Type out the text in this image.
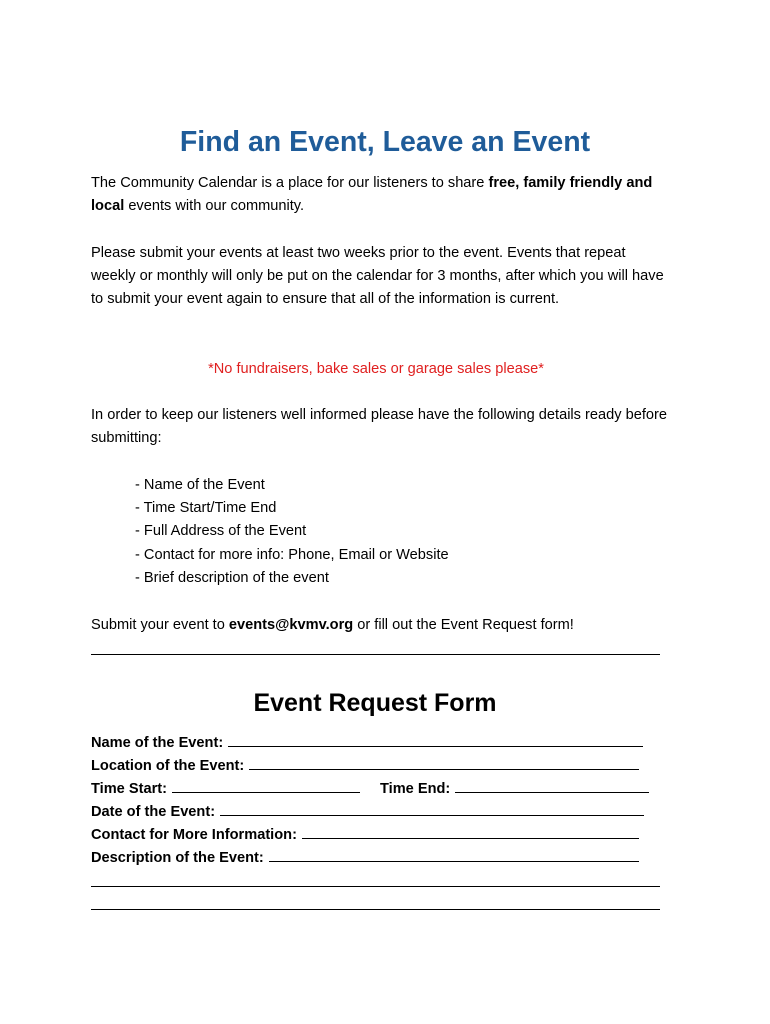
Find an Event, Leave an Event
The Community Calendar is a place for our listeners to share free, family friendly and local events with our community.
Please submit your events at least two weeks prior to the event. Events that repeat weekly or monthly will only be put on the calendar for 3 months, after which you will have to submit your event again to ensure that all of the information is current.
*No fundraisers, bake sales or garage sales please*
In order to keep our listeners well informed please have the following details ready before submitting:
- Name of the Event
- Time Start/Time End
- Full Address of the Event
- Contact for more info: Phone, Email or Website
- Brief description of the event
Submit your event to events@kvmv.org or fill out the Event Request form!
Event Request Form
Name of the Event:
Location of the Event:
Time Start:	Time End:
Date of the Event:
Contact for More Information:
Description of the Event:
